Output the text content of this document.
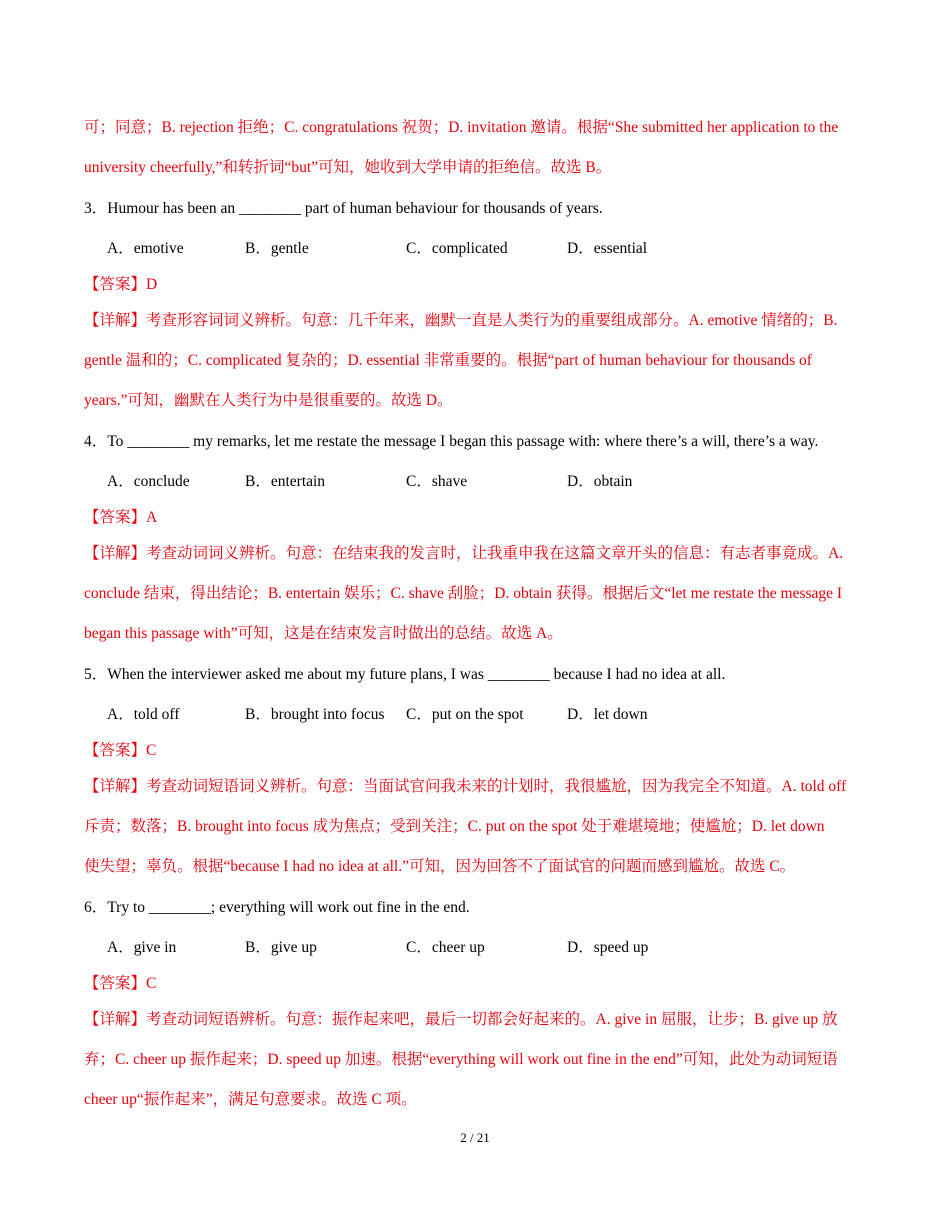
可；同意；B. rejection 拒绝；C. congratulations 祝贺；D. invitation 邀请。根据“She submitted her application to the
university cheerfully,”和转折词“but”可知，她收到大学申请的拒绝信。故选 B。
3．Humour has been an ________ part of human behaviour for thousands of years.
A．emotive	B．gentle	C．complicated	D．essential
【答案】D
【详解】考查形容词词义辨析。句意：几千年来，幽默一直是人类行为的重要组成部分。A. emotive 情绪的；B.
gentle 温和的；C. complicated 复杂的；D. essential 非常重要的。根据“part of human behaviour for thousands of
years.”可知，幽默在人类行为中是很重要的。故选 D。
4．To ________ my remarks, let me restate the message I began this passage with: where there’s a will, there’s a way.
A．conclude	B．entertain	C．shave	D．obtain
【答案】A
【详解】考查动词词义辨析。句意：在结束我的发言时，让我重申我在这篇文章开头的信息：有志者事竟成。A.
conclude 结束，得出结论；B. entertain 娱乐；C. shave 刮脸；D. obtain 获得。根据后文“let me restate the message I
began this passage with”可知，这是在结束发言时做出的总结。故选 A。
5．When the interviewer asked me about my future plans, I was ________ because I had no idea at all.
A．told off	B．brought into focus C．put on the spot	D．let down
【答案】C
【详解】考查动词短语词义辨析。句意：当面试官问我未来的计划时，我很尴尬，因为我完全不知道。A. told off
斥责；数落；B. brought into focus 成为焦点；受到关注；C. put on the spot 处于难堪境地；使尴尬；D. let down
使失望；辜负。根据“because I had no idea at all.”可知，因为回答不了面试官的问题而感到尴尬。故选 C。
6．Try to ________; everything will work out fine in the end.
A．give in	B．give up	C．cheer up	D．speed up
【答案】C
【详解】考查动词短语辨析。句意：振作起来吧，最后一切都会好起来的。A. give in 屈服，让步；B. give up 放
弃；C. cheer up 振作起来；D. speed up 加速。根据“everything will work out fine in the end”可知，此处为动词短语
cheer up“振作起来”，满足句意要求。故选 C 项。
2 / 21
